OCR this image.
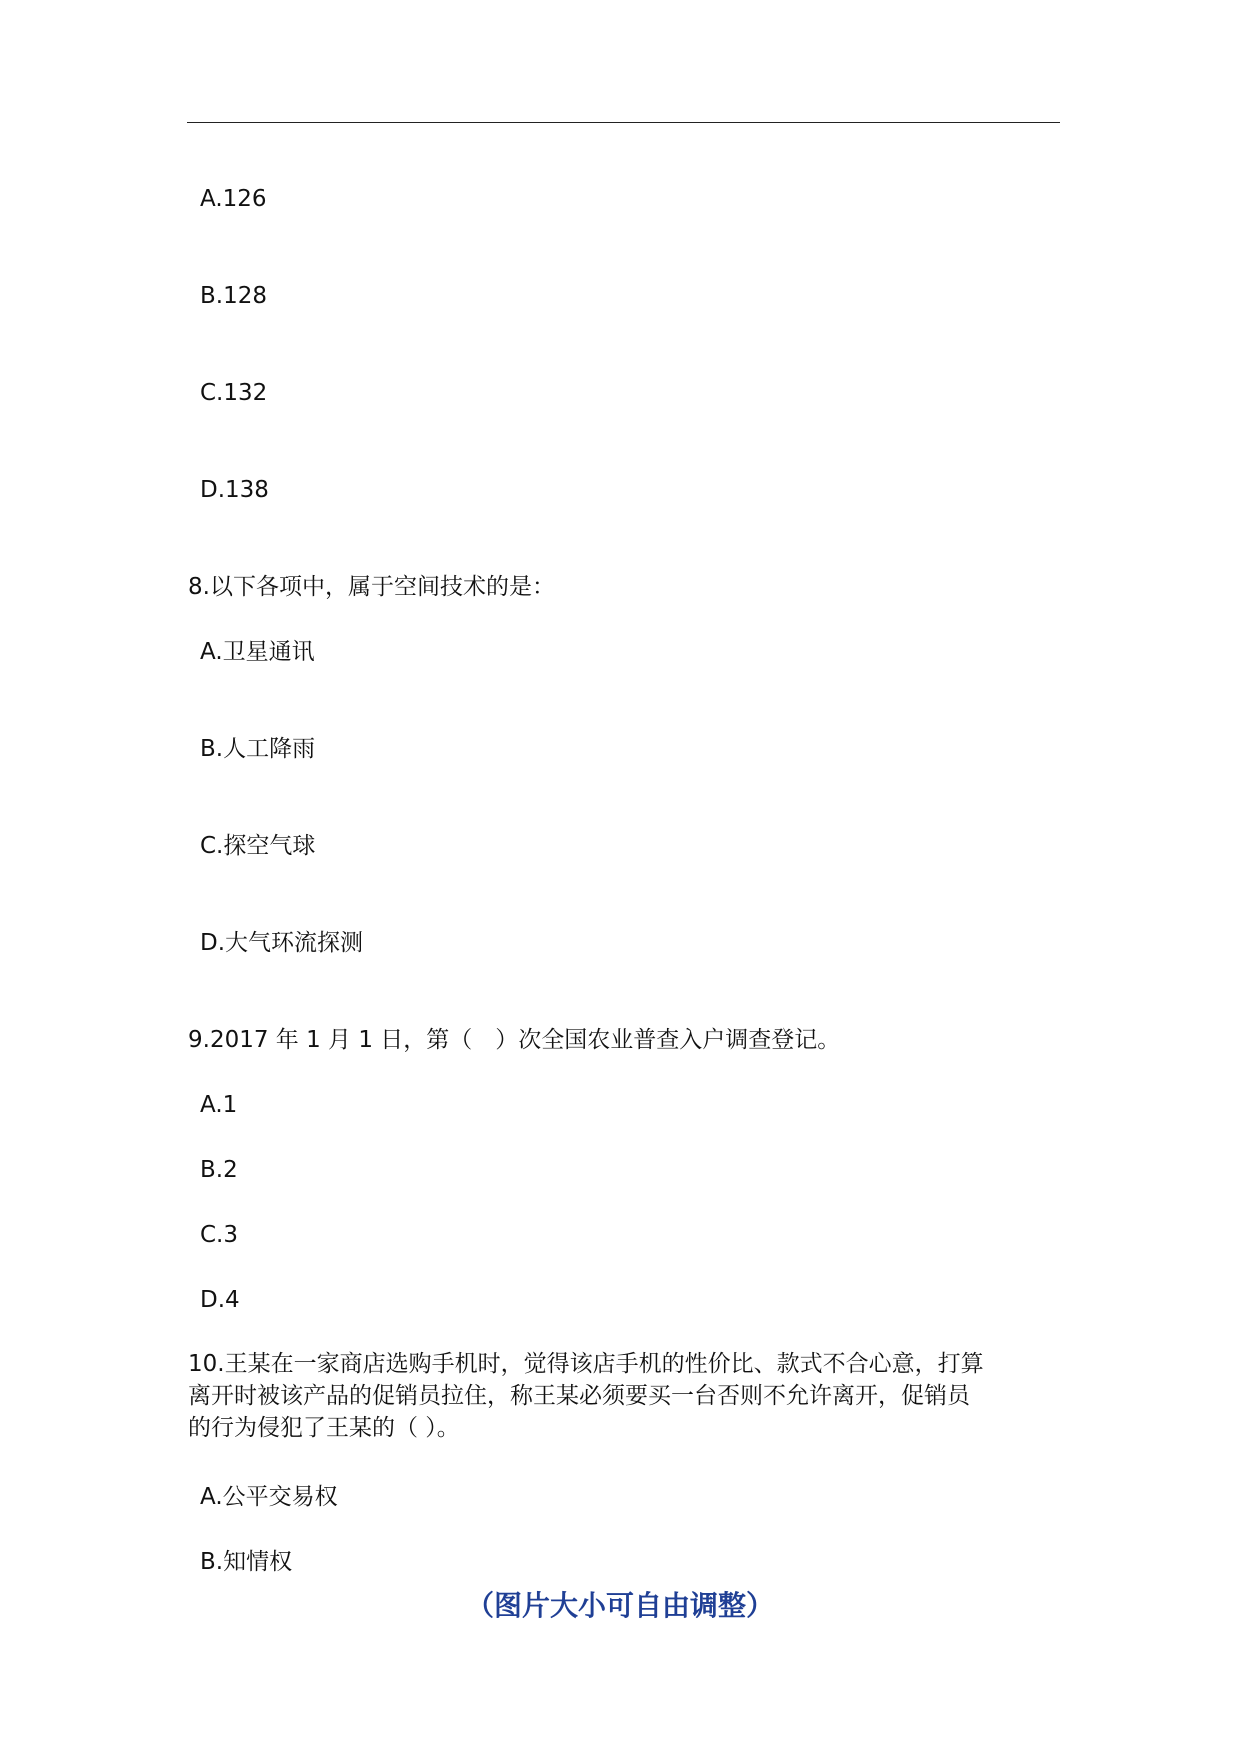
A.126
B.128
C.132
D.138
8.以下各项中，属于空间技术的是：
A.卫星通讯
B.人工降雨
C.探空气球
D.大气环流探测
9.2017 年 1 月 1 日，第（　）次全国农业普查入户调查登记。
A.1
B.2
C.3
D.4
10.王某在一家商店选购手机时，觉得该店手机的性价比、款式不合心意，打算
离开时被该产品的促销员拉住，称王某必须要买一台否则不允许离开，促销员
的行为侵犯了王某的（ ）。
A.公平交易权
B.知情权
（图片大小可自由调整）
